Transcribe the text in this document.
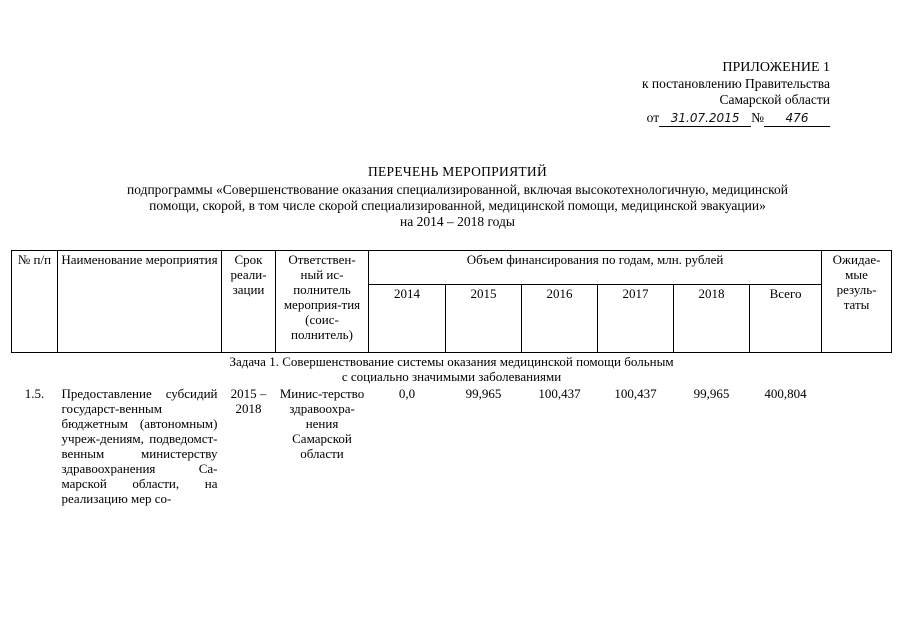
ПРИЛОЖЕНИЕ 1
к постановлению Правительства
Самарской области
от 31.07.2015 № 476
ПЕРЕЧЕНЬ МЕРОПРИЯТИЙ
подпрограммы «Совершенствование оказания специализированной, включая высокотехнологичную, медицинской
помощи, скорой, в том числе скорой специализированной, медицинской помощи, медицинской эвакуации»
на 2014 – 2018 годы
№ п/п	Наименование мероприятия	Срок реали-зации	Ответствен-ный ис-полнитель мероприя-тия (соис-полнитель)	Объем финансирования по годам, млн. рублей						Ожидае-мые резуль-таты
				2014	2015	2016	2017	2018	Всего	

Задача 1. Совершенствование системы оказания медицинской помощи больным
с социально значимыми заболеваниями										

1.5.	Предоставление субсидий государст-венным бюджетным (автономным) учреж-дениям, подведомст-венным министерству здравоохранения Са-марской области, на реализацию мер со-	2015 – 2018	Минис-терство здравоохра-нения Самарской области	0,0	99,965	100,437	100,437	99,965	400,804	
